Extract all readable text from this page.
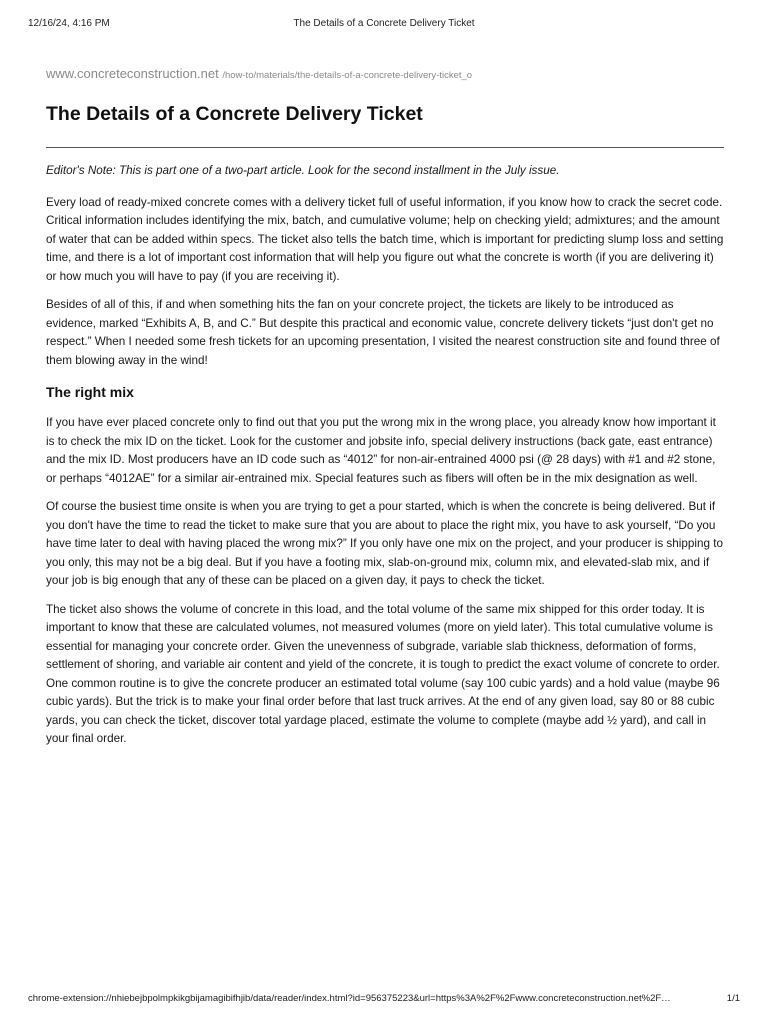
12/16/24, 4:16 PM	The Details of a Concrete Delivery Ticket
www.concreteconstruction.net /how-to/materials/the-details-of-a-concrete-delivery-ticket_o
The Details of a Concrete Delivery Ticket

Editor's Note: This is part one of a two-part article. Look for the second installment in the July issue.

Every load of ready-mixed concrete comes with a delivery ticket full of useful information, if you know how to crack the secret code. Critical information includes identifying the mix, batch, and cumulative volume; help on checking yield; admixtures; and the amount of water that can be added within specs. The ticket also tells the batch time, which is important for predicting slump loss and setting time, and there is a lot of important cost information that will help you figure out what the concrete is worth (if you are delivering it) or how much you will have to pay (if you are receiving it).

Besides of all of this, if and when something hits the fan on your concrete project, the tickets are likely to be introduced as evidence, marked “Exhibits A, B, and C.” But despite this practical and economic value, concrete delivery tickets “just don't get no respect.” When I needed some fresh tickets for an upcoming presentation, I visited the nearest construction site and found three of them blowing away in the wind!

The right mix

If you have ever placed concrete only to find out that you put the wrong mix in the wrong place, you already know how important it is to check the mix ID on the ticket. Look for the customer and jobsite info, special delivery instructions (back gate, east entrance) and the mix ID. Most producers have an ID code such as “4012” for non-air-entrained 4000 psi (@ 28 days) with #1 and #2 stone, or perhaps “4012AE” for a similar air-entrained mix. Special features such as fibers will often be in the mix designation as well.

Of course the busiest time onsite is when you are trying to get a pour started, which is when the concrete is being delivered. But if you don't have the time to read the ticket to make sure that you are about to place the right mix, you have to ask yourself, “Do you have time later to deal with having placed the wrong mix?” If you only have one mix on the project, and your producer is shipping to you only, this may not be a big deal. But if you have a footing mix, slab-on-ground mix, column mix, and elevated-slab mix, and if your job is big enough that any of these can be placed on a given day, it pays to check the ticket.

The ticket also shows the volume of concrete in this load, and the total volume of the same mix shipped for this order today. It is important to know that these are calculated volumes, not measured volumes (more on yield later). This total cumulative volume is essential for managing your concrete order. Given the unevenness of subgrade, variable slab thickness, deformation of forms, settlement of shoring, and variable air content and yield of the concrete, it is tough to predict the exact volume of concrete to order. One common routine is to give the concrete producer an estimated total volume (say 100 cubic yards) and a hold value (maybe 96 cubic yards). But the trick is to make your final order before that last truck arrives. At the end of any given load, say 80 or 88 cubic yards, you can check the ticket, discover total yardage placed, estimate the volume to complete (maybe add ½ yard), and call in your final order.

chrome-extension://nhiebejbpolmpkikgbijamagibifhjib/data/reader/index.html?id=956375223&url=https%3A%2F%2Fwww.concreteconstruction.net%2F…	1/1
